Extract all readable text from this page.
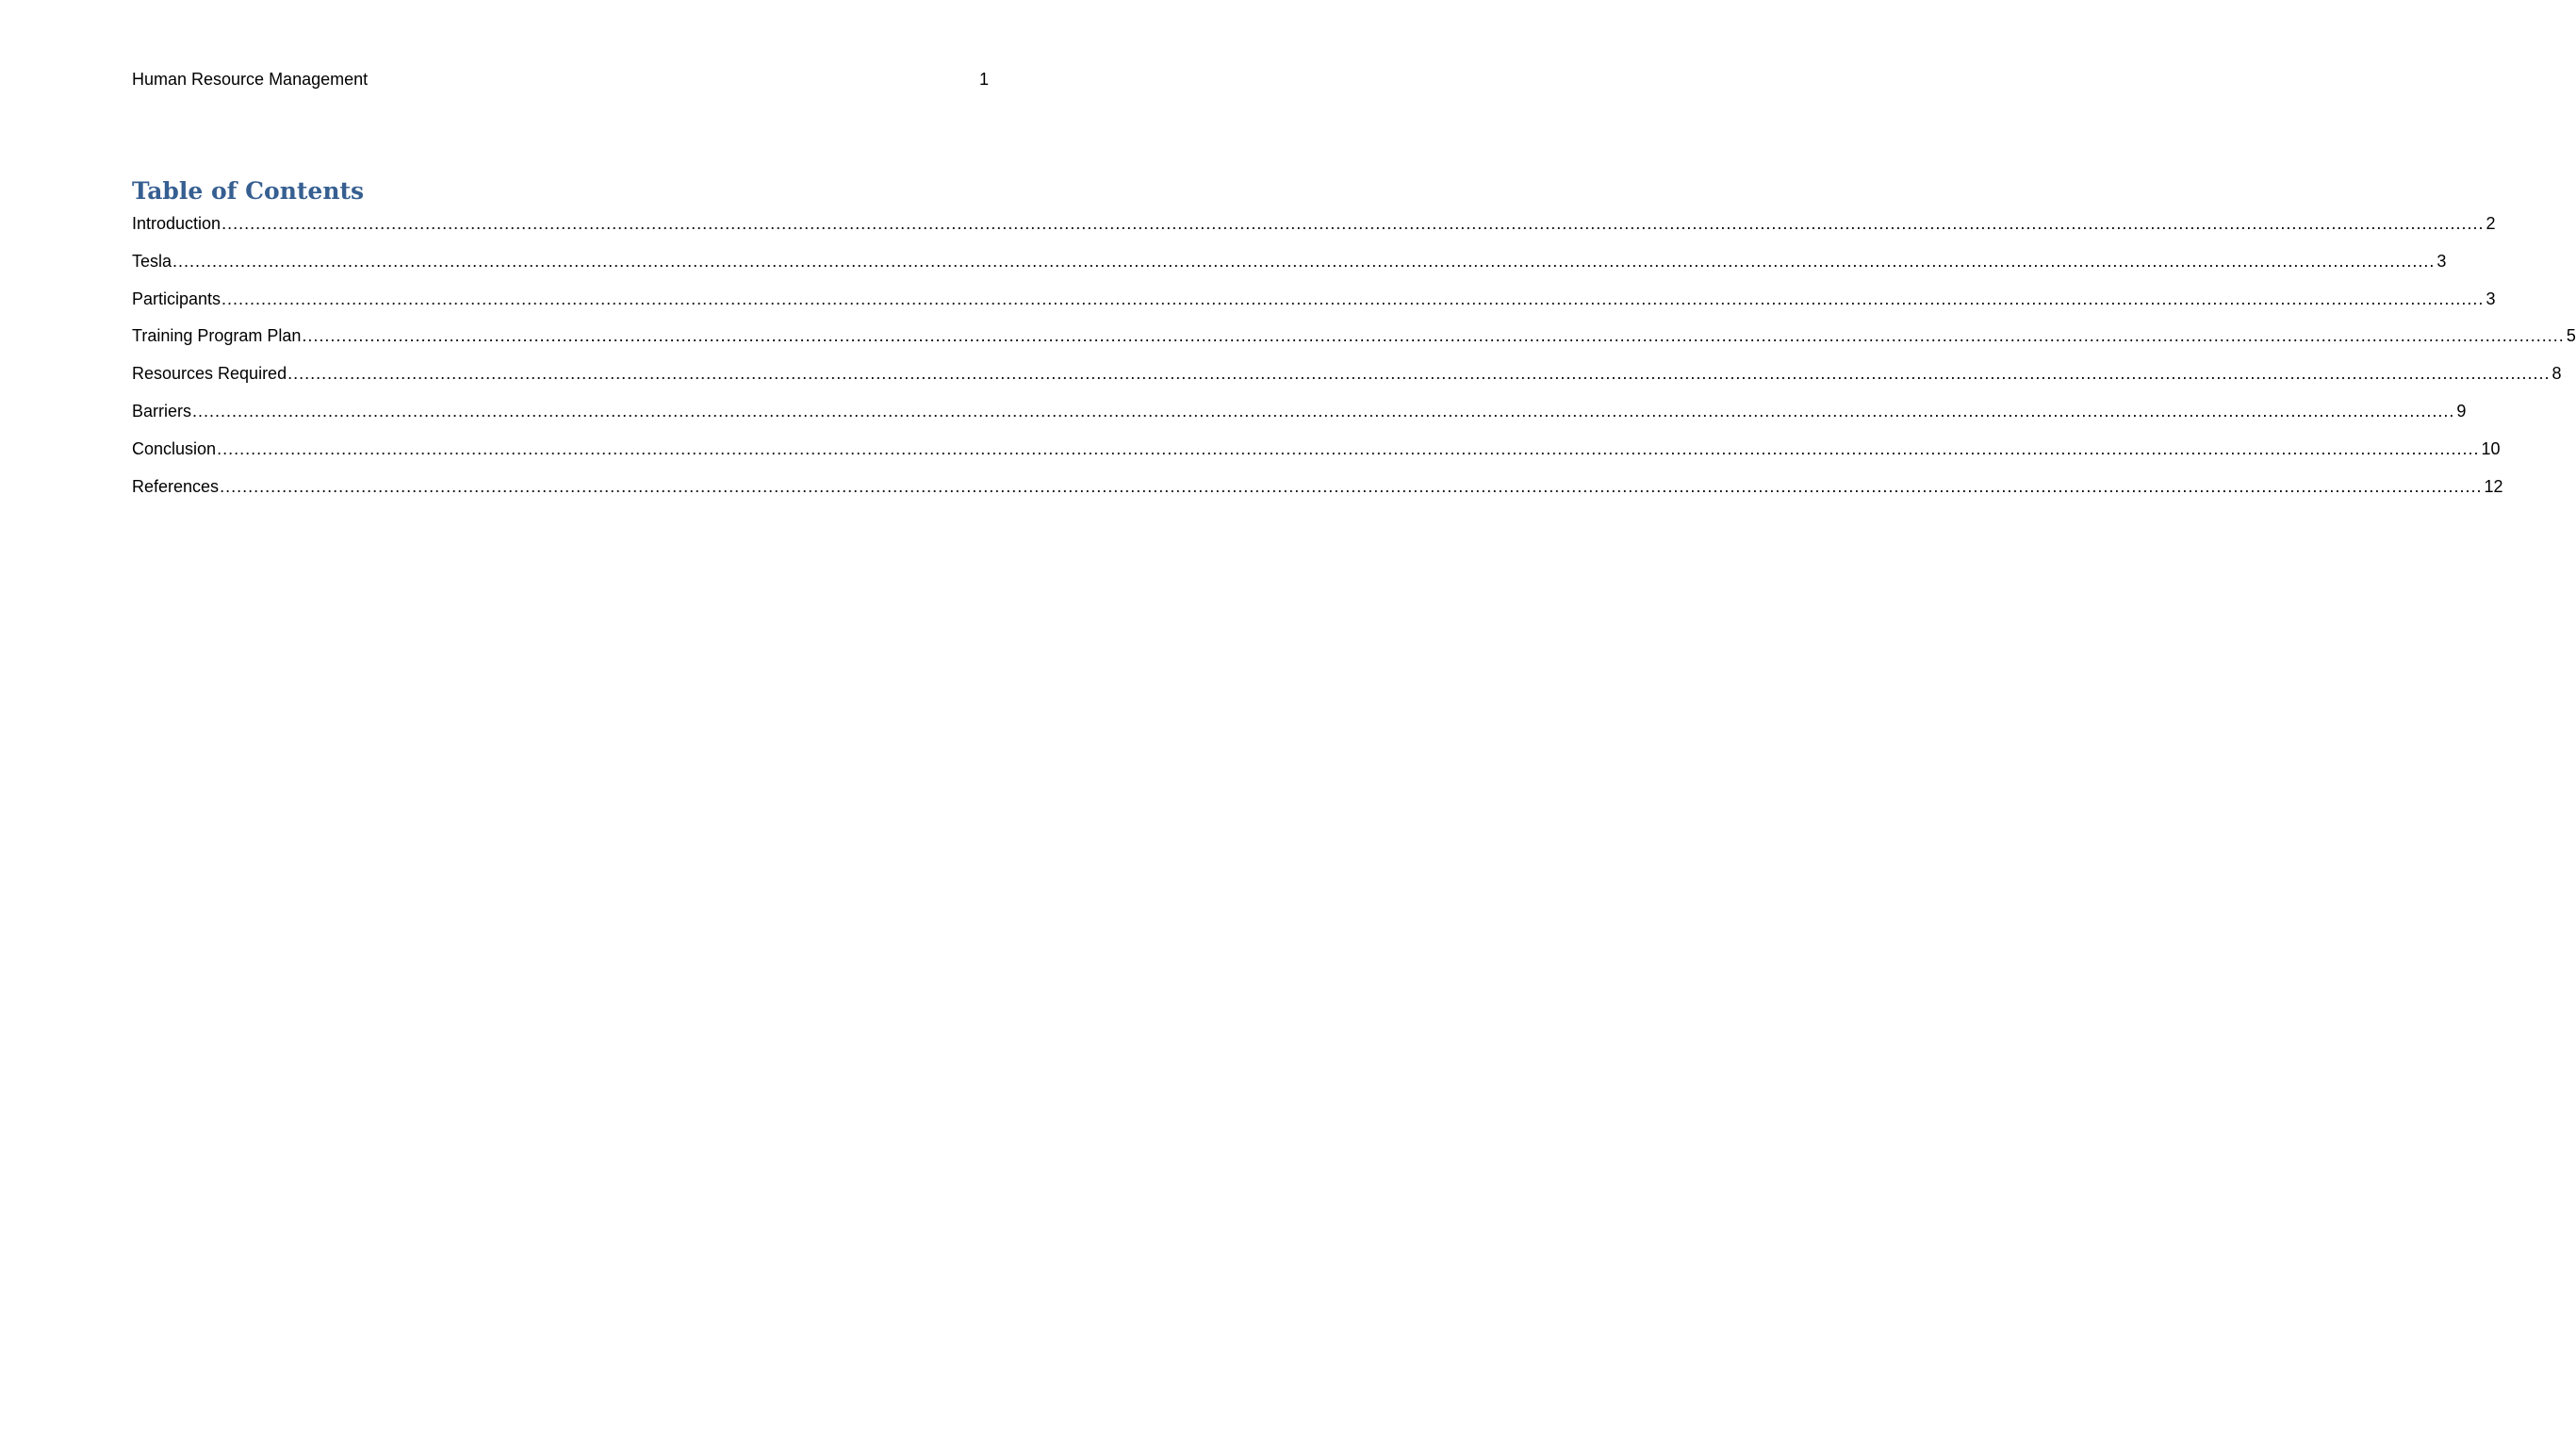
Human Resource Management	1
Table of Contents
Introduction ................................................................................................................................................................................................................................................................................................................................................................................................................ 2
Tesla ................................................................................................................................................................................................................................................................................................................................................................................................................ 3
Participants ................................................................................................................................................................................................................................................................................................................................................................................................................ 3
Training Program Plan ................................................................................................................................................................................................................................................................................................................................................................................................................ 5
Resources Required ................................................................................................................................................................................................................................................................................................................................................................................................................ 8
Barriers ................................................................................................................................................................................................................................................................................................................................................................................................................ 9
Conclusion ................................................................................................................................................................................................................................................................................................................................................................................................................ 10
References ................................................................................................................................................................................................................................................................................................................................................................................................................ 12
